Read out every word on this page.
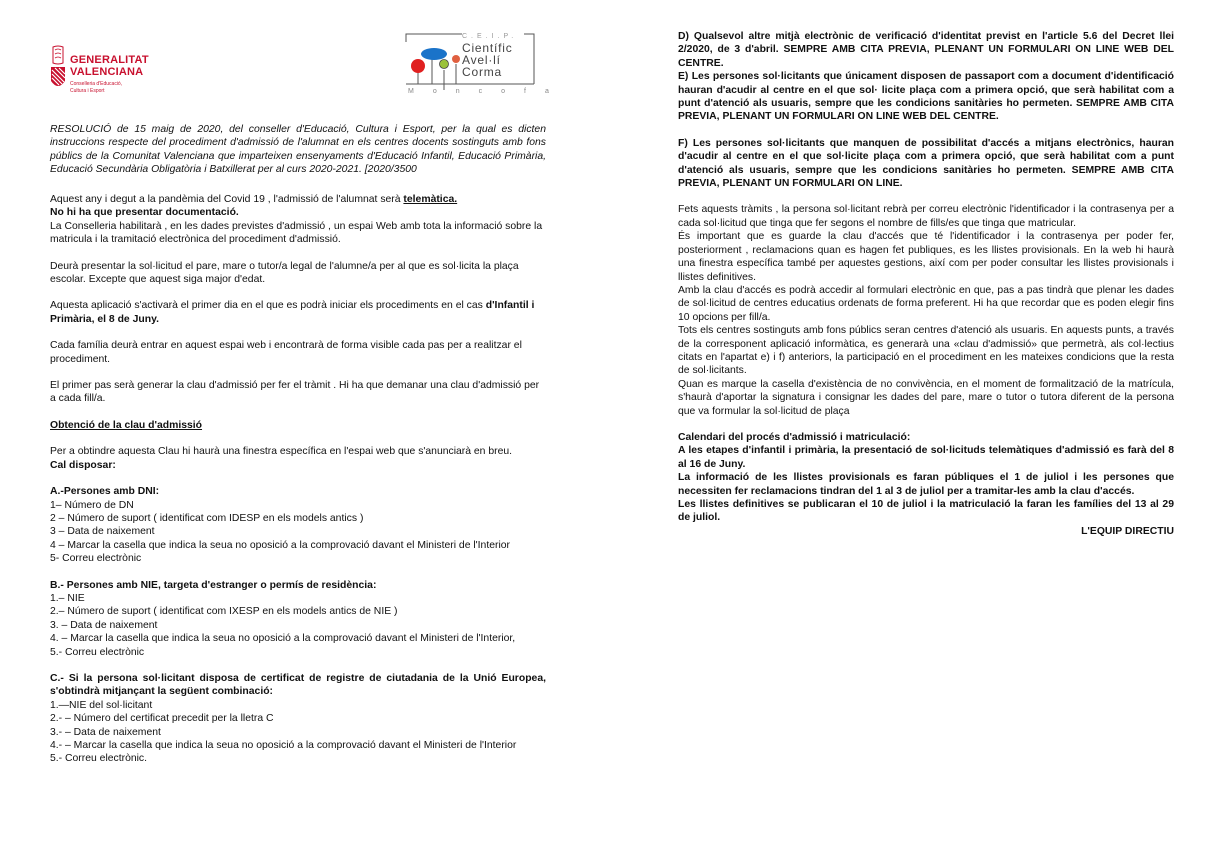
GENERALITAT
VALENCIANA
Conselleria d'Educació,
Cultura i Esport
C.E.I.P.
Científic
Avel·lí
Corma
Moncofa

RESOLUCIÓ de 15 maig de 2020, del conseller d'Educació, Cultura i Esport, per la qual es dicten instruccions respecte del procediment d'admissió de l'alumnat en els centres docents sostinguts amb fons públics de la Comunitat Valenciana que imparteixen ensenyaments d'Educació Infantil, Educació Primària, Educació Secundària Obligatòria i Batxillerat per al curs 2020-2021. [2020/3500

Aquest any i degut a la pandèmia del Covid 19 , l'admissió de l'alumnat serà telemàtica.

No hi ha que presentar documentació.

La Conselleria habilitarà , en les dades previstes d'admissió , un espai Web amb tota la informació sobre la matricula i la tramitació electrònica del procediment d'admissió.

Deurà presentar la sol·licitud el pare, mare o tutor/a legal de l'alumne/a per al que es sol·licita la plaça escolar. Excepte que aquest siga major d'edat.

Aquesta aplicació s'activarà el primer dia en el que es podrà iniciar els procediments en el cas d'Infantil i Primària, el 8 de Juny.

Cada família deurà entrar en aquest espai web i encontrarà de forma visible cada pas per a realitzar el procediment.

El primer pas serà generar la clau d'admissió per fer el tràmit . Hi ha que demanar una clau d'admissió per a cada fill/a.

Obtenció de la clau d'admissió

Per a obtindre aquesta Clau hi haurà una finestra específica en l'espai web que s'anunciarà en breu.
Cal disposar:

A.-Persones amb DNI:

1– Número de DN

2 – Número de suport ( identificat com IDESP en els models antics )

3 – Data de naixement

4 – Marcar la casella que indica la seua no oposició a la comprovació davant el Ministeri de l'Interior

5- Correu electrònic

B.- Persones amb NIE, targeta d'estranger o permís de residència:

1.– NIE

2.– Número de suport ( identificat com IXESP en els models antics de NIE )

3. – Data de naixement

4. – Marcar la casella que indica la seua no oposició a la comprovació davant el Ministeri de l'Interior,

5.- Correu electrònic

C.- Si la persona sol·licitant disposa de certificat de registre de ciutadania de la Unió Europea, s'obtindrà mitjançant la següent combinació:

1.—NIE del sol·licitant

2.- – Número del certificat precedit per la lletra C

3.- – Data de naixement

4.- – Marcar la casella que indica la seua no oposició a la comprovació davant el Ministeri de l'Interior

5.- Correu electrònic.

D) Qualsevol altre mitjà electrònic de verificació d'identitat previst en l'article 5.6 del Decret llei 2/2020, de 3 d'abril. SEMPRE AMB CITA PREVIA, PLENANT UN FORMULARI ON LINE WEB DEL CENTRE.

E) Les persones sol·licitants que únicament disposen de passaport com a document d'identificació hauran d'acudir al centre en el que sol· licite plaça com a primera opció, que serà habilitat com a punt d'atenció als usuaris, sempre que les condicions sanitàries ho permeten. SEMPRE AMB CITA PREVIA, PLENANT UN FORMULARI ON LINE WEB DEL CENTRE.

F) Les persones sol·licitants que manquen de possibilitat d'accés a mitjans electrònics, hauran d'acudir al centre en el que sol·licite plaça com a primera opció, que serà habilitat com a punt d'atenció als usuaris, sempre que les condicions sanitàries ho permeten. SEMPRE AMB CITA PREVIA, PLENANT UN FORMULARI ON LINE.

Fets aquests tràmits , la persona sol·licitant rebrà per correu electrònic l'identificador i la contrasenya per a cada sol·licitud que tinga que fer segons el nombre de fills/es que tinga que matricular.

És important que es guarde la clau d'accés que té l'identificador i la contrasenya per poder fer, posteriorment , reclamacions quan es hagen fet publiques, es les llistes provisionals. En la web hi haurà una finestra específica també per aquestes gestions, així com per poder consultar les llistes provisionals i llistes definitives.

Amb la clau d'accés es podrà accedir al formulari electrònic en que, pas a pas tindrà que plenar les dades de sol·licitud de centres educatius ordenats de forma preferent. Hi ha que recordar que es poden elegir fins 10 opcions per fill/a.

Tots els centres sostinguts amb fons públics seran centres d'atenció als usuaris. En aquests punts, a través de la corresponent aplicació informàtica, es generarà una «clau d'admissió» que permetrà, als col·lectius citats en l'apartat e) i f) anteriors, la participació en el procediment en les mateixes condicions que la resta de sol·licitants.

Quan es marque la casella d'existència de no convivència, en el moment de formalització de la matrícula, s'haurà d'aportar la signatura i consignar les dades del pare, mare o tutor o tutora diferent de la persona que va formular la sol·licitud de plaça

Calendari del procés d'admissió i matriculació:

A les etapes d'infantil i primària, la presentació de sol·licituds telemàtiques d'admissió es farà del 8 al 16 de Juny.

La informació de les llistes provisionals es faran públiques el 1 de juliol i les persones que necessiten fer reclamacions tindran del 1 al 3 de juliol per a tramitar-les amb la clau d'accés.

Les llistes definitives se publicaran el 10 de juliol i la matriculació la faran les famílies del 13 al 29 de juliol.

L'EQUIP DIRECTIU
